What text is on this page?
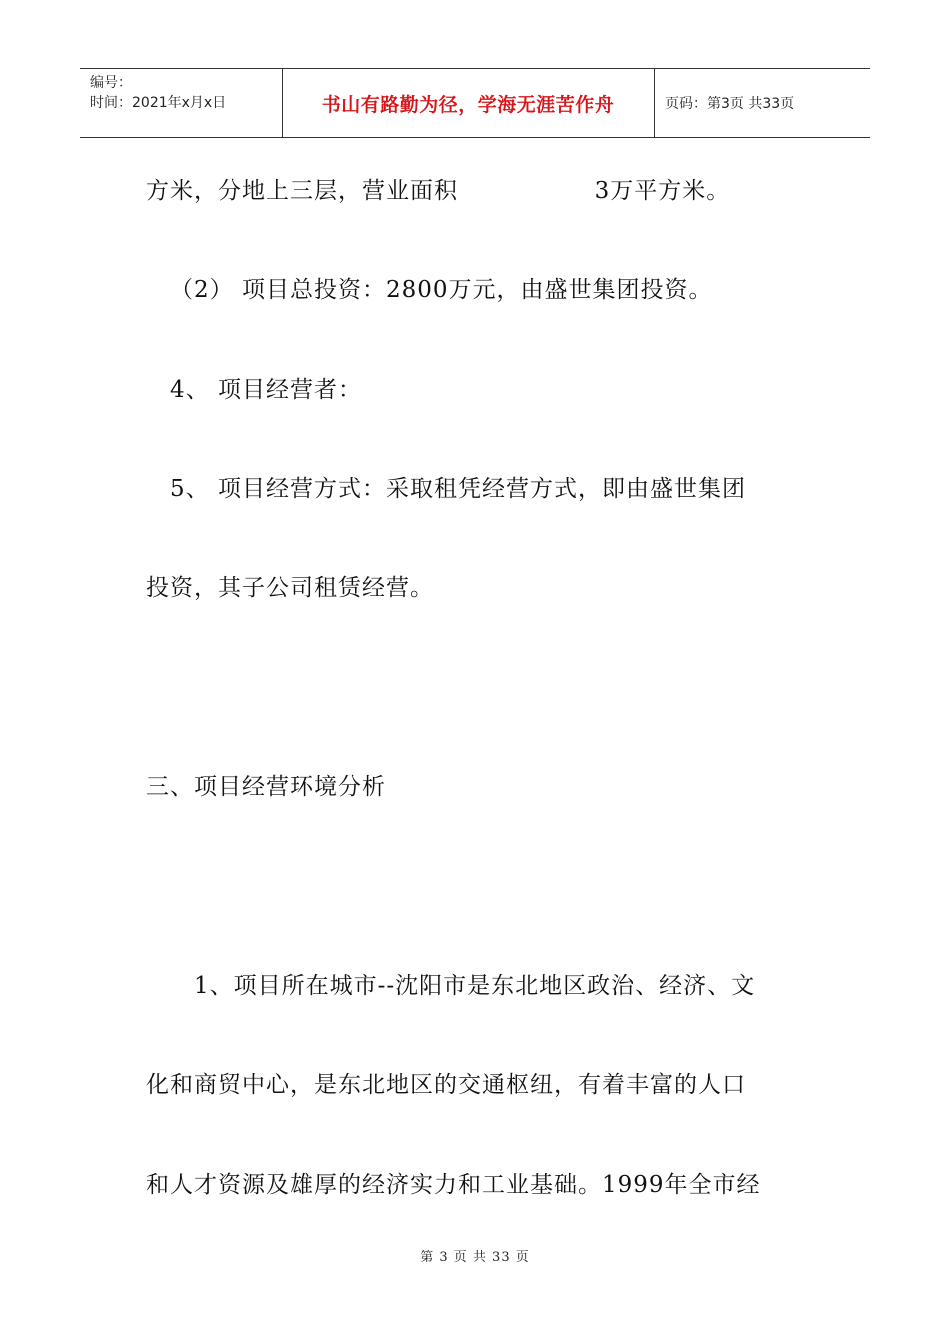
编号：
时间：2021年x月x日	书山有路勤为径，学海无涯苦作舟	页码：第3页 共33页
方米，分地上三层，营业面积	3万平方米。
（2） 项目总投资：2800万元，由盛世集团投资。
4、 项目经营者：
5、 项目经营方式：采取租凭经营方式，即由盛世集团
投资，其子公司租赁经营。
三、项目经营环境分析
1、项目所在城市--沈阳市是东北地区政治、经济、文
化和商贸中心，是东北地区的交通枢纽，有着丰富的人口
和人才资源及雄厚的经济实力和工业基础。1999年全市经
第 3 页 共 33 页
